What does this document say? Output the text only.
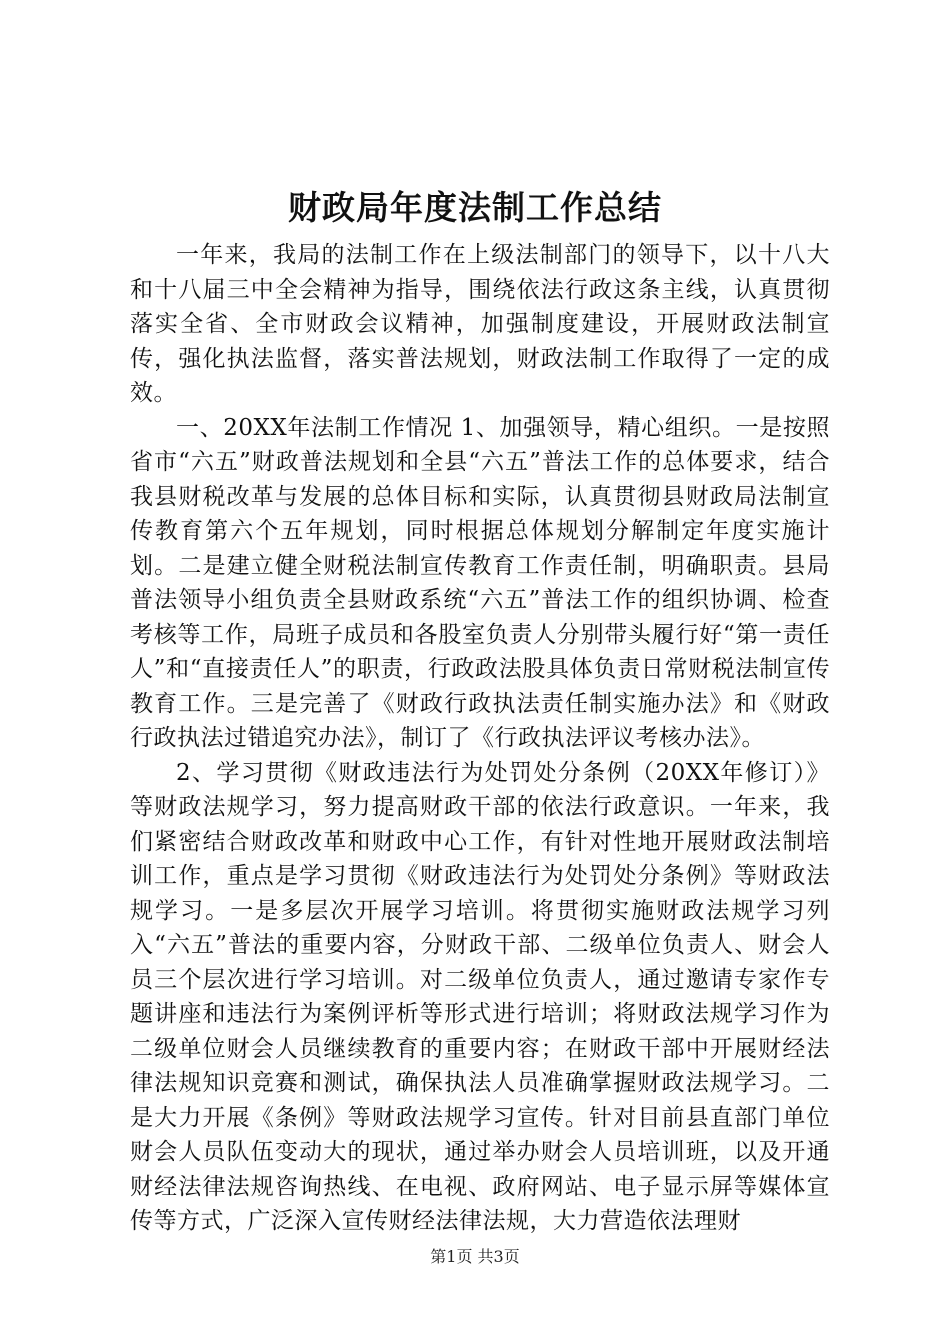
财政局年度法制工作总结

一年来，我局的法制工作在上级法制部门的领导下，以十八大和十八届三中全会精神为指导，围绕依法行政这条主线，认真贯彻落实全省、全市财政会议精神，加强制度建设，开展财政法制宣传，强化执法监督，落实普法规划，财政法制工作取得了一定的成效。

一、20XX年法制工作情况 1、加强领导，精心组织。一是按照省市“六五”财政普法规划和全县“六五”普法工作的总体要求，结合我县财税改革与发展的总体目标和实际，认真贯彻县财政局法制宣传教育第六个五年规划，同时根据总体规划分解制定年度实施计划。二是建立健全财税法制宣传教育工作责任制，明确职责。县局普法领导小组负责全县财政系统“六五”普法工作的组织协调、检查考核等工作，局班子成员和各股室负责人分别带头履行好“第一责任人”和“直接责任人”的职责，行政政法股具体负责日常财税法制宣传教育工作。三是完善了《财政行政执法责任制实施办法》和《财政行政执法过错追究办法》，制订了《行政执法评议考核办法》。

2、学习贯彻《财政违法行为处罚处分条例（20XX年修订）》等财政法规学习，努力提高财政干部的依法行政意识。一年来，我们紧密结合财政改革和财政中心工作，有针对性地开展财政法制培训工作，重点是学习贯彻《财政违法行为处罚处分条例》等财政法规学习。一是多层次开展学习培训。将贯彻实施财政法规学习列入“六五”普法的重要内容，分财政干部、二级单位负责人、财会人员三个层次进行学习培训。对二级单位负责人，通过邀请专家作专题讲座和违法行为案例评析等形式进行培训；将财政法规学习作为二级单位财会人员继续教育的重要内容；在财政干部中开展财经法律法规知识竞赛和测试，确保执法人员准确掌握财政法规学习。二是大力开展《条例》等财政法规学习宣传。针对目前县直部门单位财会人员队伍变动大的现状，通过举办财会人员培训班，以及开通财经法律法规咨询热线、在电视、政府网站、电子显示屏等媒体宣传等方式，广泛深入宣传财经法律法规，大力营造依法理财

第1页 共3页
